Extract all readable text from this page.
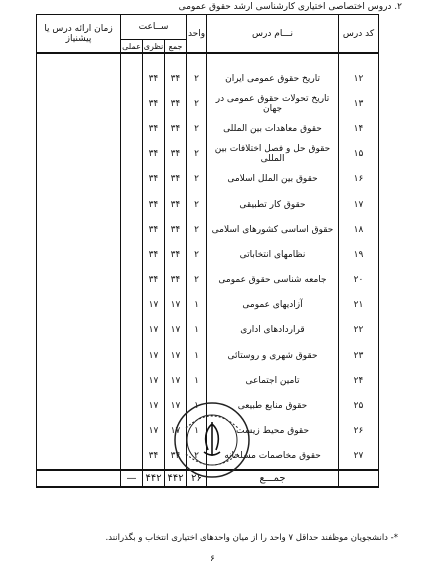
۲. دروس اختصاصی اختیاری کارشناسی ارشد حقوق عمومی
کد درس	نـــام درس	واحد	ســاعت			زمان ارائه درس یا پیشنیاز
			جمع	نظری	عملی	

۱۲	تاریخ حقوق عمومی ایران	۲	۳۴	۳۴		
۱۳	تاریخ تحولات حقوق عمومی در جهان	۲	۳۴	۳۴		
۱۴	حقوق معاهدات بین المللی	۲	۳۴	۳۴		
۱۵	حقوق حل و فصل اختلافات بین المللی	۲	۳۴	۳۴		
۱۶	حقوق بین الملل اسلامی	۲	۳۴	۳۴		
۱۷	حقوق کار تطبیقی	۲	۳۴	۳۴		
۱۸	حقوق اساسی کشورهای اسلامی	۲	۳۴	۳۴		
۱۹	نظامهای انتخاباتی	۲	۳۴	۳۴		
۲۰	جامعه شناسی حقوق عمومی	۲	۳۴	۳۴		
۲۱	آزادیهای عمومی	۱	۱۷	۱۷		
۲۲	قراردادهای اداری	۱	۱۷	۱۷		
۲۳	حقوق شهری و روستائی	۱	۱۷	۱۷		
۲۴	تامین اجتماعی	۱	۱۷	۱۷		
۲۵	حقوق منابع طبیعی	۱	۱۷	۱۷		
۲۶	حقوق محیط زیست	۱	۱۷	۱۷		
۲۷	حقوق مخاصمات مسلحانه	۲	۳۴	۳۴		
	جمـــع	۲۶	۴۴۲	۴۴۲	—	
*- دانشجویان موظفند حداقل ۷ واحد را از میان واحدهای اختیاری انتخاب و بگذرانند.
۶
